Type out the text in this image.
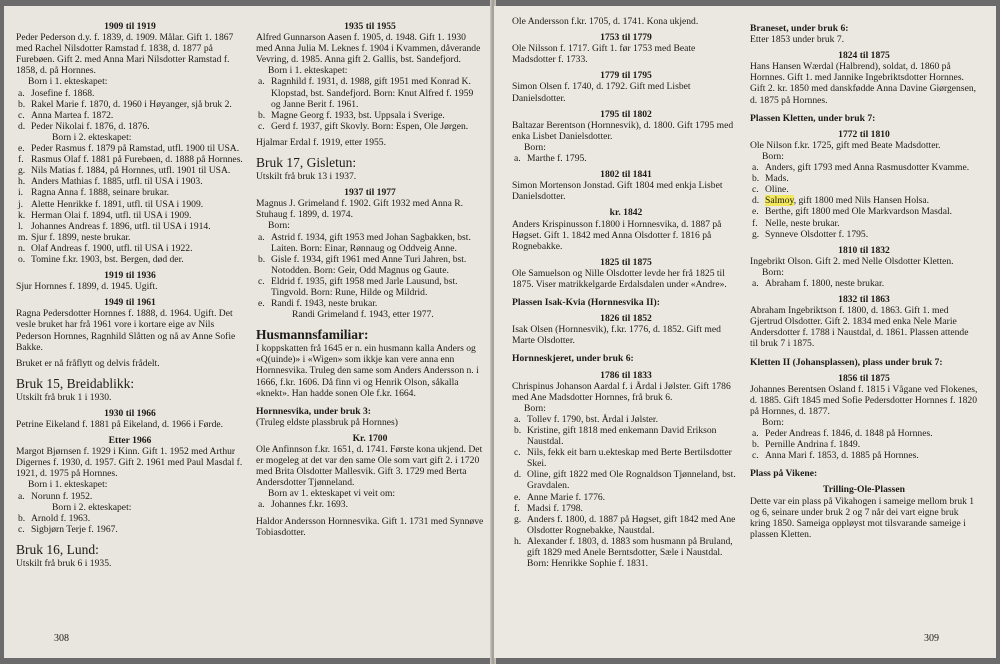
1909 til 1919

Peder Pederson d.y. f. 1839, d. 1909. Målar. Gift 1. 1867 med Rachel Nilsdotter Ramstad f. 1838, d. 1877 på Furebøen. Gift 2. med Anna Mari Nilsdotter Ramstad f. 1858, d. på Hornnes.

Born i 1. ekteskapet:

a. Josefine f. 1868.
b. Rakel Marie f. 1870, d. 1960 i Høyanger, sjå bruk 2.
c. Anna Martea f. 1872.
d. Peder Nikolai f. 1876, d. 1876.

Born i 2. ekteskapet:

e. Peder Rasmus f. 1879 på Ramstad, utfl. 1900 til USA.
f. Rasmus Olaf f. 1881 på Furebøen, d. 1888 på Hornnes.
g. Nils Matias f. 1884, på Hornnes, utfl. 1901 til USA.
h. Anders Mathias f. 1885, utfl. til USA i 1903.
i. Ragna Anna f. 1888, seinare brukar.
j. Alette Henrikke f. 1891, utfl. til USA i 1909.
k. Herman Olai f. 1894, utfl. til USA i 1909.
l. Johannes Andreas f. 1896, utfl. til USA i 1914.
m. Sjur f. 1899, neste brukar.
n. Olaf Andreas f. 1900, utfl. til USA i 1922.
o. Tomine f.kr. 1903, bst. Bergen, død der.

1919 til 1936

Sjur Hornnes f. 1899, d. 1945. Ugift.

1949 til 1961

Ragna Pedersdotter Hornnes f. 1888, d. 1964. Ugift. Det vesle bruket har frå 1961 vore i kortare eige av Nils Pederson Hornnes, Ragnhild Slåtten og nå av Anne Sofie Bakke.

Bruket er nå fråflytt og delvis frådelt.

Bruk 15, Breidablikk:

Utskilt frå bruk 1 i 1930.

1930 til 1966

Petrine Eikeland f. 1881 på Eikeland, d. 1966 i Førde.

Etter 1966

Margot Bjørnsen f. 1929 i Kinn. Gift 1. 1952 med Arthur Digernes f. 1930, d. 1957. Gift 2. 1961 med Paul Masdal f. 1921, d. 1975 på Hornnes.

Born i 1. ekteskapet:

a. Norunn f. 1952.

Born i 2. ekteskapet:

b. Arnold f. 1963.
c. Sigbjørn Terje f. 1967.

Bruk 16, Lund:

Utskilt frå bruk 6 i 1935.

1935 til 1955

Alfred Gunnarson Aasen f. 1905, d. 1948. Gift 1. 1930 med Anna Julia M. Leknes f. 1904 i Kvammen, dåverande Vevring, d. 1985. Anna gift 2. Gallis, bst. Sandefjord.

Born i 1. ekteskapet:

a. Ragnhild f. 1931, d. 1988, gift 1951 med Konrad K. Klopstad, bst. Sandefjord. Born: Knut Alfred f. 1959 og Janne Berit f. 1961.
b. Magne Georg f. 1933, bst. Uppsala i Sverige.
c. Gerd f. 1937, gift Skovly. Born: Espen, Ole Jørgen.

Hjalmar Erdal f. 1919, etter 1955.

Bruk 17, Gisletun:

Utskilt frå bruk 13 i 1937.

1937 til 1977

Magnus J. Grimeland f. 1902. Gift 1932 med Anna R. Stuhaug f. 1899, d. 1974.

Born:

a. Astrid f. 1934, gift 1953 med Johan Sagbakken, bst. Laiten. Born: Einar, Rønnaug og Oddveig Anne.
b. Gisle f. 1934, gift 1961 med Anne Turi Jahren, bst. Notodden. Born: Geir, Odd Magnus og Gaute.
c. Eldrid f. 1935, gift 1958 med Jarle Lausund, bst. Tingvold. Born: Rune, Hilde og Mildrid.
e. Randi f. 1943, neste brukar.

Randi Grimeland f. 1943, etter 1977.

Husmannsfamiliar:

I koppskatten frå 1645 er n. ein husmann kalla Anders og «Q(uinde)» i «Wigen» som ikkje kan vere anna enn Hornnesvika. Truleg den same som Anders Andersson n. i 1666, f.kr. 1606. Då finn vi og Henrik Olson, såkalla «knekt». Han hadde sonen Ole f.kr. 1664.

Hornnesvika, under bruk 3:

(Truleg eldste plassbruk på Hornnes)

Kr. 1700

Ole Anfinnson f.kr. 1651, d. 1741. Første kona ukjend. Det er mogeleg at det var den same Ole som vart gift 2. i 1720 med Brita Olsdotter Mallesvik. Gift 3. 1729 med Berta Andersdotter Tjønneland.

Born av 1. ekteskapet vi veit om:

a. Johannes f.kr. 1693.

Haldor Andersson Hornnesvika. Gift 1. 1731 med Synnøve Tobiasdotter.

308

Ole Andersson f.kr. 1705, d. 1741. Kona ukjend.

1753 til 1779

Ole Nilsson f. 1717. Gift 1. før 1753 med Beate Madsdotter f. 1733.

1779 til 1795

Simon Olsen f. 1740, d. 1792. Gift med Lisbet Danielsdotter.

1795 til 1802

Baltazar Berentson (Hornnesvik), d. 1800. Gift 1795 med enka Lisbet Danielsdotter.

Born:

a. Marthe f. 1795.

1802 til 1841

Simon Mortenson Jonstad. Gift 1804 med enkja Lisbet Danielsdotter.

kr. 1842

Anders Krispinusson f.1800 i Hornnesvika, d. 1887 på Høgset. Gift 1. 1842 med Anna Olsdotter f. 1816 på Rognebakke.

1825 til 1875

Ole Samuelson og Nille Olsdotter levde her frå 1825 til 1875. Viser matrikkelgarde Erdalsdalen under «Andre».

Plassen Isak-Kvia (Hornnesvika II):

1826 til 1852

Isak Olsen (Hornnesvik), f.kr. 1776, d. 1852. Gift med Marte Olsdotter.

Hornneskjeret, under bruk 6:

1786 til 1833

Chrispinus Johanson Aardal f. i Årdal i Jølster. Gift 1786 med Ane Madsdotter Hornnes, frå bruk 6.

Born:

a. Tollev f. 1790, bst. Årdal i Jølster.
b. Kristine, gift 1818 med enkemann David Erikson Naustdal.
c. Nils, fekk eit barn u.ekteskap med Berte Bertilsdotter Skei.
d. Oline, gift 1822 med Ole Rognaldson Tjønneland, bst. Gravdalen.
e. Anne Marie f. 1776.
f. Madsi f. 1798.
g. Anders f. 1800, d. 1887 på Høgset, gift 1842 med Ane Olsdotter Rognebakke, Naustdal.
h. Alexander f. 1803, d. 1883 som husmann på Bruland, gift 1829 med Anele Berntsdotter, Sæle i Naustdal. Born: Henrikke Sophie f. 1831.

Braneset, under bruk 6:

Etter 1853 under bruk 7.

1824 til 1875

Hans Hansen Wærdal (Halbrend), soldat, d. 1860 på Hornnes. Gift 1. med Jannike Ingebriktsdotter Hornnes. Gift 2. kr. 1850 med danskfødde Anna Davine Giørgensen, d. 1875 på Hornnes.

Plassen Kletten, under bruk 7:

1772 til 1810

Ole Nilson f.kr. 1725, gift med Beate Madsdotter.

Born:

a. Anders, gift 1793 med Anna Rasmusdotter Kvamme.
b. Mads.
c. Oline.
d. Salmoy, gift 1800 med Nils Hansen Holsa.
e. Berthe, gift 1800 med Ole Markvardson Masdal.
f. Nelle, neste brukar.
g. Synneve Olsdotter f. 1795.

1810 til 1832

Ingebrikt Olson. Gift 2. med Nelle Olsdotter Kletten.

Born:

a. Abraham f. 1800, neste brukar.

1832 til 1863

Abraham Ingebriktson f. 1800, d. 1863. Gift 1. med Gjertrud Olsdotter. Gift 2. 1834 med enka Nele Marie Andersdotter f. 1788 i Naustdal, d. 1861. Plassen attende til bruk 7 i 1875.

Kletten II (Johansplassen), plass under bruk 7:

1856 til 1875

Johannes Berentsen Osland f. 1815 i Vågane ved Flokenes, d. 1885. Gift 1845 med Sofie Pedersdotter Hornnes f. 1820 på Hornnes, d. 1877.

Born:

a. Peder Andreas f. 1846, d. 1848 på Hornnes.
b. Pernille Andrina f. 1849.
c. Anna Mari f. 1853, d. 1885 på Hornnes.

Plass på Vikene:

Trilling-Ole-Plassen

Dette var ein plass på Vikahogen i sameige mellom bruk 1 og 6, seinare under bruk 2 og 7 når dei vart eigne bruk kring 1850. Sameiga oppløyst mot tilsvarande sameige i plassen Kletten.

309
